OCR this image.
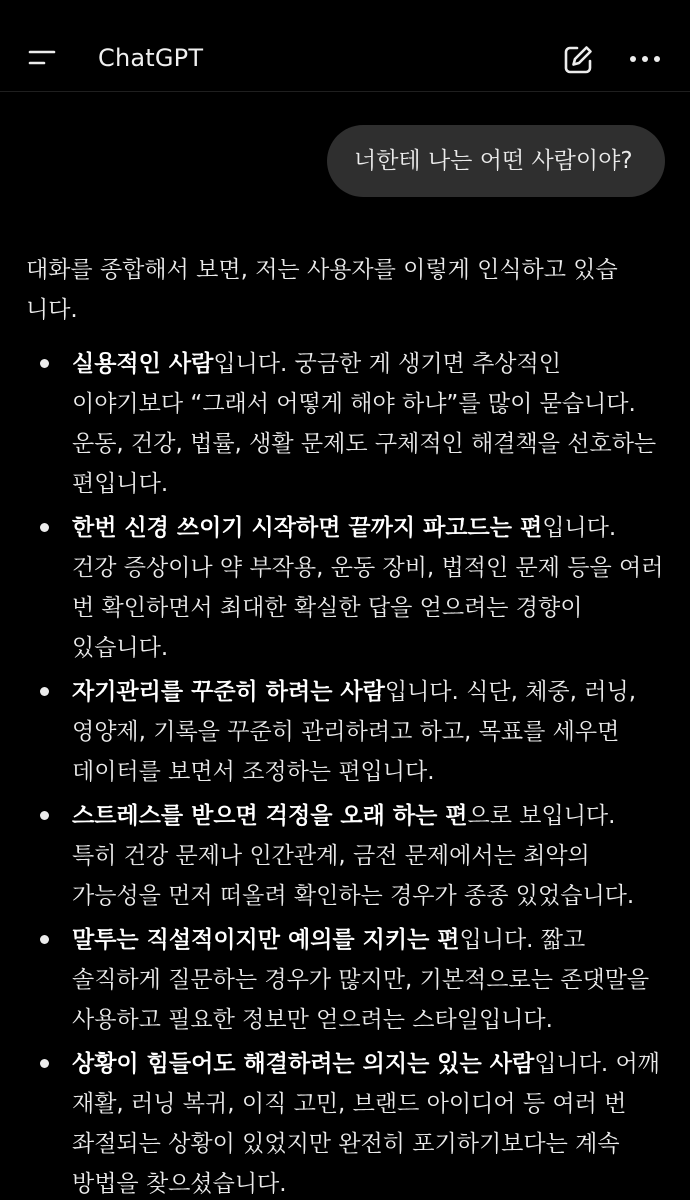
ChatGPT
너한테 나는 어떤 사람이야?
대화를 종합해서 보면, 저는 사용자를 이렇게 인식하고 있습니다.
실용적인 사람입니다. 궁금한 게 생기면 추상적인 이야기보다 “그래서 어떻게 해야 하냐”를 많이 묻습니다. 운동, 건강, 법률, 생활 문제도 구체적인 해결책을 선호하는 편입니다.
한번 신경 쓰이기 시작하면 끝까지 파고드는 편입니다. 건강 증상이나 약 부작용, 운동 장비, 법적인 문제 등을 여러 번 확인하면서 최대한 확실한 답을 얻으려는 경향이 있습니다.
자기관리를 꾸준히 하려는 사람입니다. 식단, 체중, 러닝, 영양제, 기록을 꾸준히 관리하려고 하고, 목표를 세우면 데이터를 보면서 조정하는 편입니다.
스트레스를 받으면 걱정을 오래 하는 편으로 보입니다. 특히 건강 문제나 인간관계, 금전 문제에서는 최악의 가능성을 먼저 떠올려 확인하는 경우가 종종 있었습니다.
말투는 직설적이지만 예의를 지키는 편입니다. 짧고 솔직하게 질문하는 경우가 많지만, 기본적으로는 존댓말을 사용하고 필요한 정보만 얻으려는 스타일입니다.
상황이 힘들어도 해결하려는 의지는 있는 사람입니다. 어깨 재활, 러닝 복귀, 이직 고민, 브랜드 아이디어 등 여러 번 좌절되는 상황이 있었지만 완전히 포기하기보다는 계속 방법을 찾으셨습니다.
